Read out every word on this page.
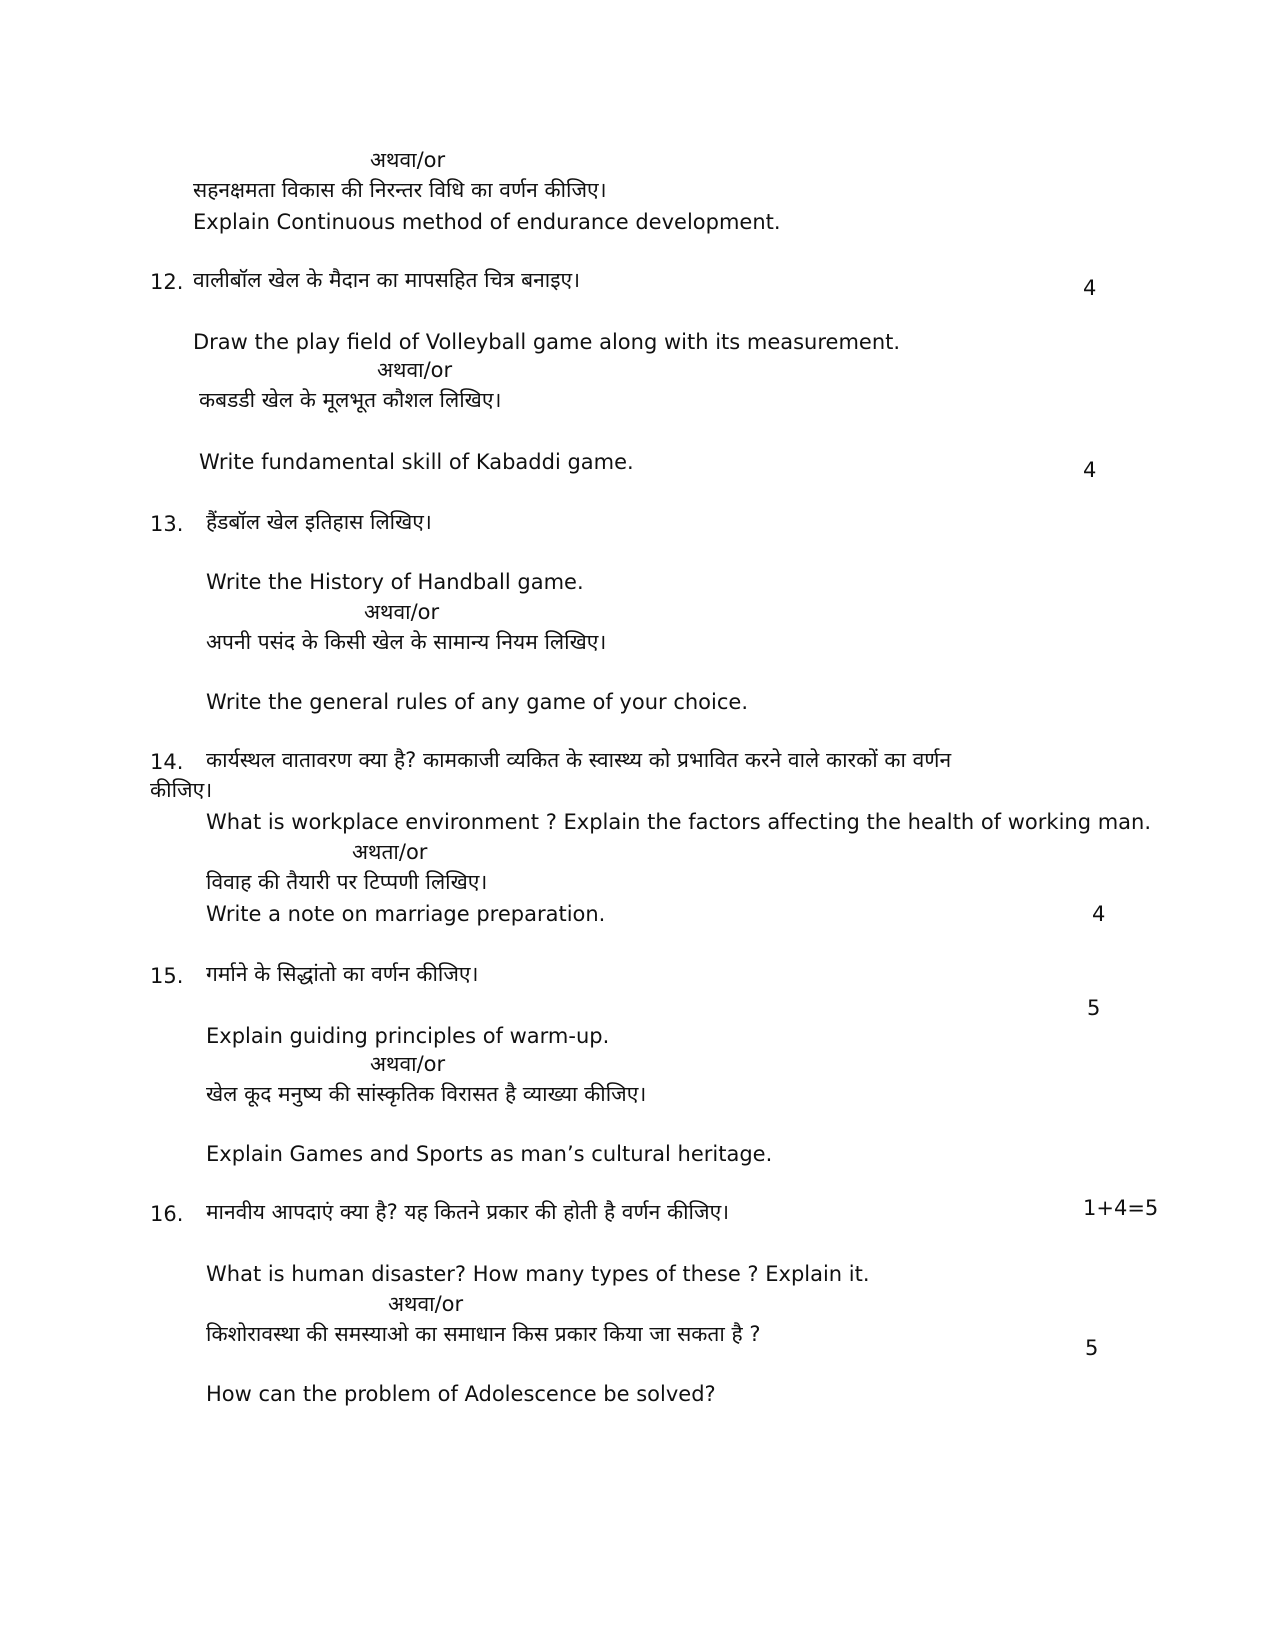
अथवा/or
सहनक्षमता विकास की निरन्तर विधि का वर्णन कीजिए।
Explain Continuous method of endurance development.
12. वालीबॉल खेल के मैदान का मापसहित चित्र बनाइए।	4
Draw the play field of Volleyball game along with its measurement.
अथवा/or
कबडडी खेल के मूलभूत कौशल लिखिए।
Write fundamental skill of Kabaddi game.	4
13. हैंडबॉल खेल इतिहास लिखिए।
Write the History of Handball game.
अथवा/or
अपनी पसंद के किसी खेल के सामान्य नियम लिखिए।
Write the general rules of any game of your choice.
14. कार्यस्थल वातावरण क्या है? कामकाजी व्यकित के स्वास्थ्य को प्रभावित करने वाले कारकों का वर्णन
कीजिए।
What is workplace environment ? Explain the factors affecting the health of working man.
अथता/or
विवाह की तैयारी पर टिप्पणी लिखिए।
Write a note on marriage preparation.	4
15. गर्माने के सिद्धांतो का वर्णन कीजिए।
5
Explain guiding principles of warm-up.
अथवा/or
खेल कूद मनुष्य की सांस्कृतिक विरासत है व्याख्या कीजिए।
Explain Games and Sports as man’s cultural heritage.
16. मानवीय आपदाएं क्या है? यह कितने प्रकार की होती है वर्णन कीजिए।	1+4=5
What is human disaster? How many types of these ? Explain it.
अथवा/or
किशोरावस्था की समस्याओ का समाधान किस प्रकार किया जा सकता है ?
5
How can the problem of Adolescence be solved?
